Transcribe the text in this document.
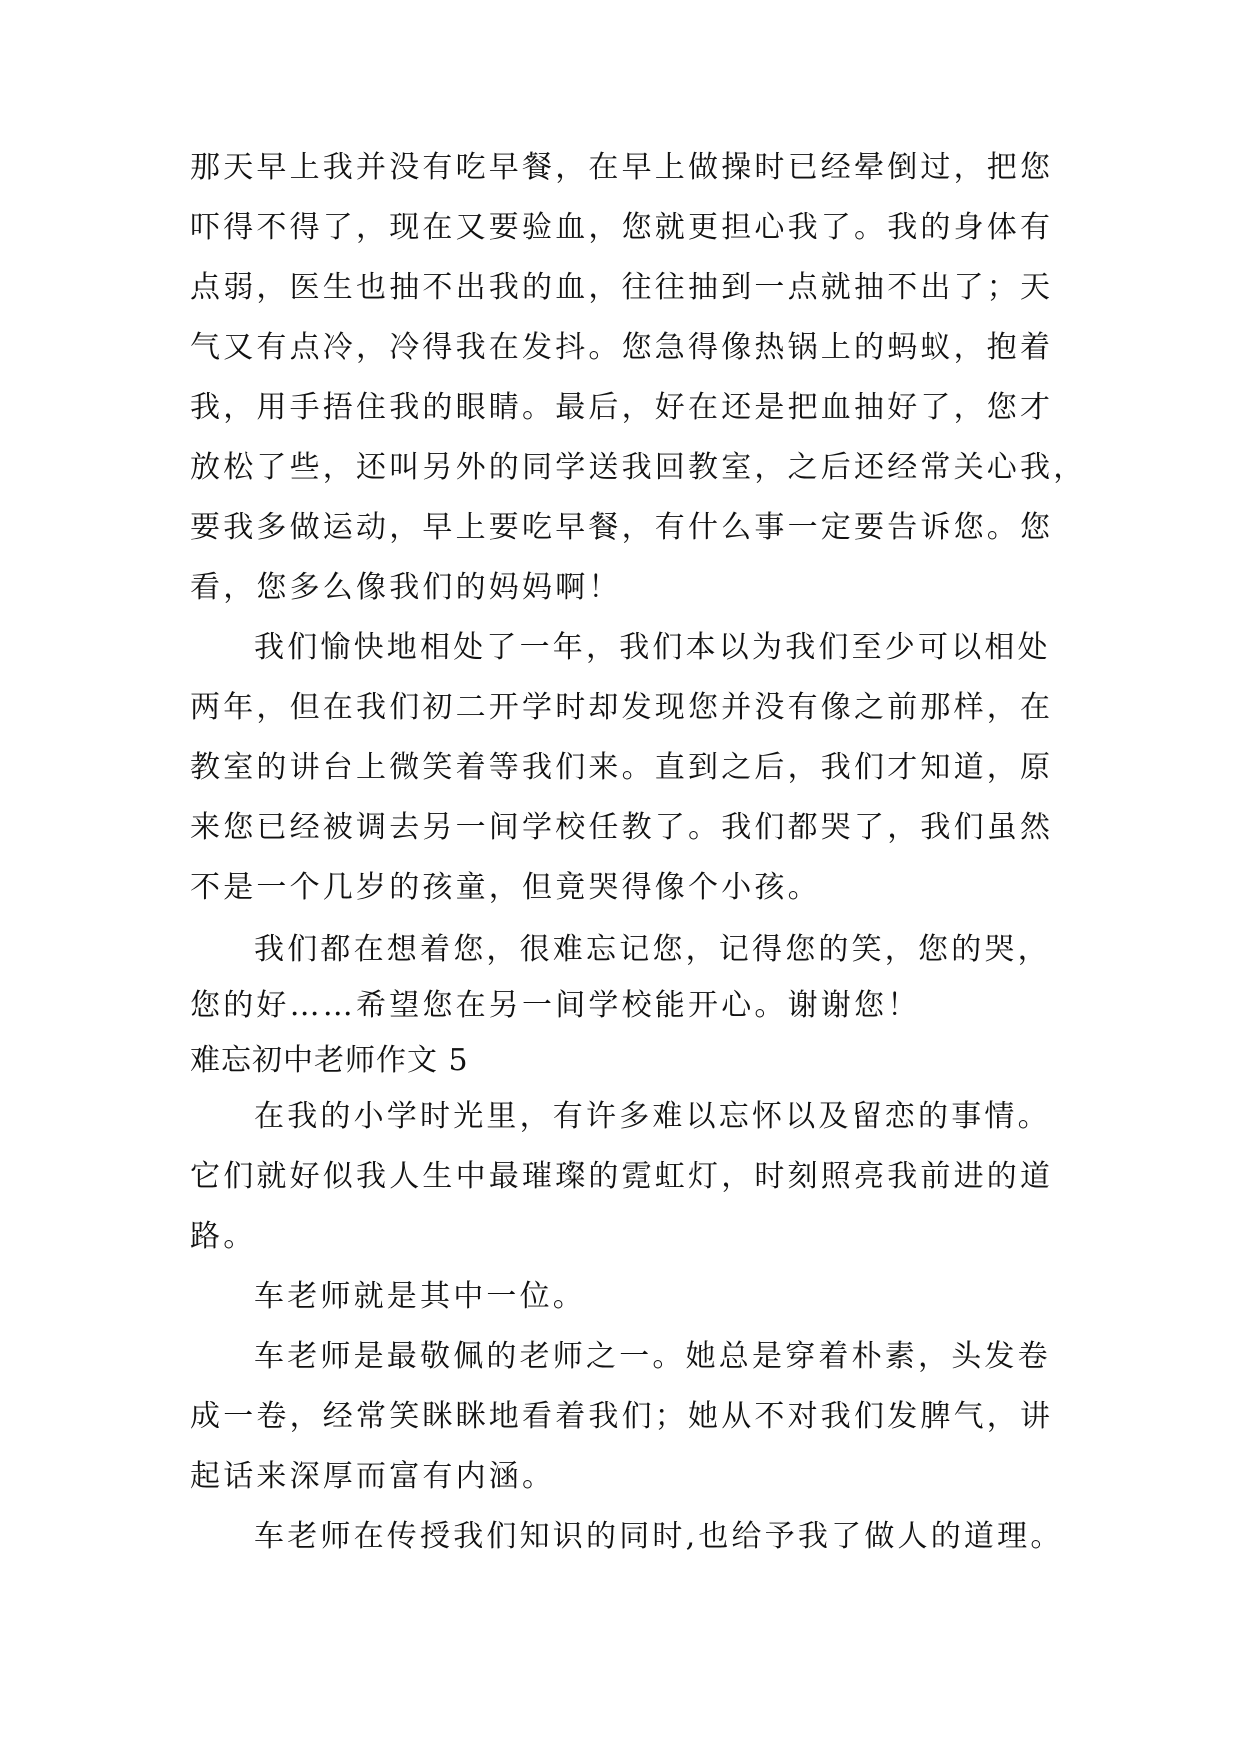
那天早上我并没有吃早餐，在早上做操时已经晕倒过，把您
吓得不得了，现在又要验血，您就更担心我了。我的身体有
点弱，医生也抽不出我的血，往往抽到一点就抽不出了；天
气又有点冷，冷得我在发抖。您急得像热锅上的蚂蚁，抱着
我，用手捂住我的眼睛。最后，好在还是把血抽好了，您才
放松了些，还叫另外的同学送我回教室，之后还经常关心我，
要我多做运动，早上要吃早餐，有什么事一定要告诉您。您
看，您多么像我们的妈妈啊！
我们愉快地相处了一年，我们本以为我们至少可以相处
两年，但在我们初二开学时却发现您并没有像之前那样，在
教室的讲台上微笑着等我们来。直到之后，我们才知道，原
来您已经被调去另一间学校任教了。我们都哭了，我们虽然
不是一个几岁的孩童，但竟哭得像个小孩。
我们都在想着您，很难忘记您，记得您的笑，您的哭，
您的好……希望您在另一间学校能开心。谢谢您！
难忘初中老师作文 5
在我的小学时光里，有许多难以忘怀以及留恋的事情。
它们就好似我人生中最璀璨的霓虹灯，时刻照亮我前进的道
路。
车老师就是其中一位。
车老师是最敬佩的老师之一。她总是穿着朴素，头发卷
成一卷，经常笑眯眯地看着我们；她从不对我们发脾气，讲
起话来深厚而富有内涵。
车老师在传授我们知识的同时,也给予我了做人的道理。
